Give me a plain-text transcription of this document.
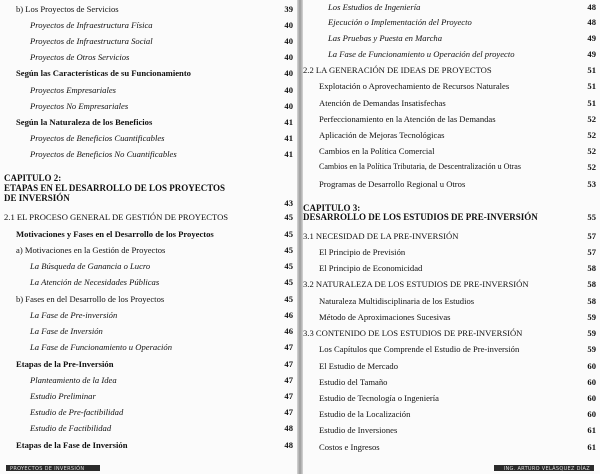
b) Los Proyectos de Servicios	39
Proyectos de Infraestructura Física	40
Proyectos de Infraestructura Social	40
Proyectos de Otros Servicios	40
Según las Características de su Funcionamiento	40
Proyectos Empresariales	40
Proyectos No Empresariales	40
Según la Naturaleza de los Beneficios	41
Proyectos de Beneficios Cuantificables	41
Proyectos de Beneficios No Cuantificables	41
CAPITULO 2:
ETAPAS EN EL DESARROLLO DE LOS PROYECTOS
DE INVERSIÓN	43
2.1 EL PROCESO GENERAL DE GESTIÓN DE PROYECTOS	45
Motivaciones y Fases en el Desarrollo de los Proyectos	45
a) Motivaciones en la Gestión de Proyectos	45
La Búsqueda de Ganancia o Lucro	45
La Atención de Necesidades Públicas	45
b) Fases en del Desarrollo de los Proyectos	45
La Fase de Pre-inversión	46
La Fase de Inversión	46
La Fase de Funcionamiento u Operación	47
Etapas de la Pre-Inversión	47
Planteamiento de la Idea	47
Estudio Preliminar	47
Estudio de Pre-factibilidad	47
Estudio de Factibilidad	48
Etapas de la Fase de Inversión	48
PROYECTOS DE INVERSIÓN
Los Estudios de Ingeniería	48
Ejecución o Implementación del Proyecto	48
Las Pruebas y Puesta en Marcha	49
La Fase de Funcionamiento u Operación del proyecto	49
2.2 LA GENERACIÓN DE IDEAS DE PROYECTOS	51
Explotación o Aprovechamiento de Recursos Naturales	51
Atención de Demandas Insatisfechas	51
Perfeccionamiento en la Atención de las Demandas	52
Aplicación de Mejoras Tecnológicas	52
Cambios en la Política Comercial	52
Cambios en la Política Tributaria, de Descentralización u Otras	52
Programas de Desarrollo Regional u Otros	53
CAPITULO 3:
DESARROLLO DE LOS ESTUDIOS DE PRE-INVERSIÓN	55
3.1 NECESIDAD DE LA PRE-INVERSIÓN	57
El Principio de Previsión	57
El Principio de Economicidad	58
3.2 NATURALEZA DE LOS ESTUDIOS DE PRE-INVERSIÓN	58
Naturaleza Multidisciplinaria de los Estudios	58
Método de Aproximaciones Sucesivas	59
3.3 CONTENIDO DE LOS ESTUDIOS DE PRE-INVERSIÓN	59
Los Capítulos que Comprende el Estudio de Pre-inversión	59
El Estudio de Mercado	60
Estudio del Tamaño	60
Estudio de Tecnología o Ingeniería	60
Estudio de la Localización	60
Estudio de Inversiones	61
Costos e Ingresos	61
ING. ARTURO VELÁSQUEZ DÍAZ
